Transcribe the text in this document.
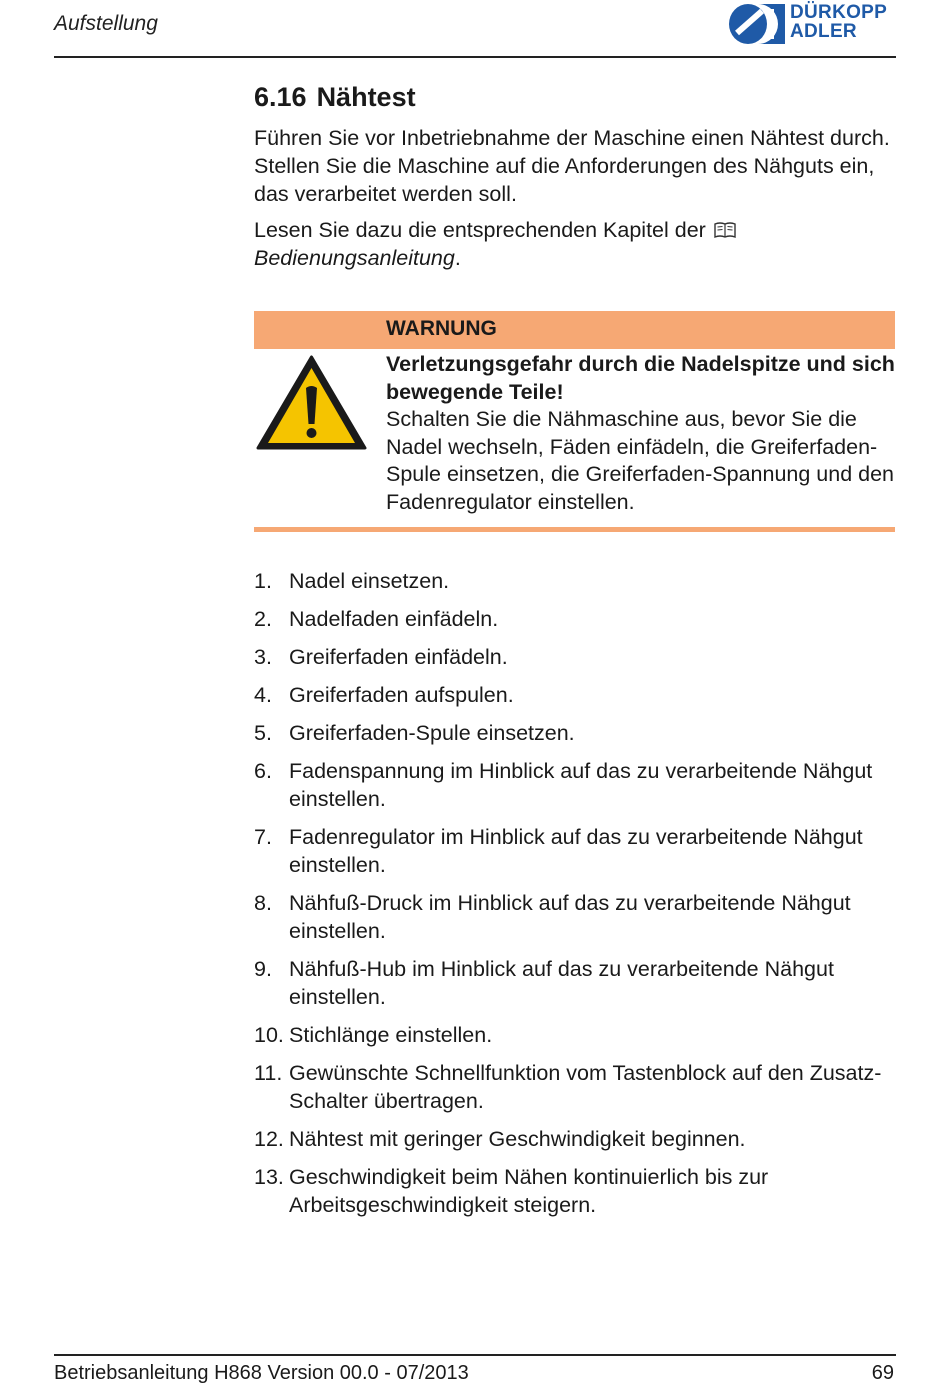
Aufstellung	DÜRKOPP
ADLER
6.16 Nähtest
Führen Sie vor Inbetriebnahme der Maschine einen Nähtest durch. Stellen Sie die Maschine auf die Anforderungen des Nähguts ein, das verarbeitet werden soll.
Lesen Sie dazu die entsprechenden Kapitel der  Bedienungsanleitung.
WARNUNG
Verletzungsgefahr durch die Nadelspitze und sich bewegende Teile!
Schalten Sie die Nähmaschine aus, bevor Sie die Nadel wechseln, Fäden einfädeln, die Greiferfaden-Spule einsetzen, die Greiferfaden-Spannung und den Fadenregulator einstellen.
1. Nadel einsetzen.
2. Nadelfaden einfädeln.
3. Greiferfaden einfädeln.
4. Greiferfaden aufspulen.
5. Greiferfaden-Spule einsetzen.
6. Fadenspannung im Hinblick auf das zu verarbeitende Nähgut einstellen.
7. Fadenregulator im Hinblick auf das zu verarbeitende Nähgut einstellen.
8. Nähfuß-Druck im Hinblick auf das zu verarbeitende Nähgut einstellen.
9. Nähfuß-Hub im Hinblick auf das zu verarbeitende Nähgut einstellen.
10. Stichlänge einstellen.
11. Gewünschte Schnellfunktion vom Tastenblock auf den Zusatz-Schalter übertragen.
12. Nähtest mit geringer Geschwindigkeit beginnen.
13. Geschwindigkeit beim Nähen kontinuierlich bis zur Arbeitsgeschwindigkeit steigern.
Betriebsanleitung H868 Version 00.0 - 07/2013	69
